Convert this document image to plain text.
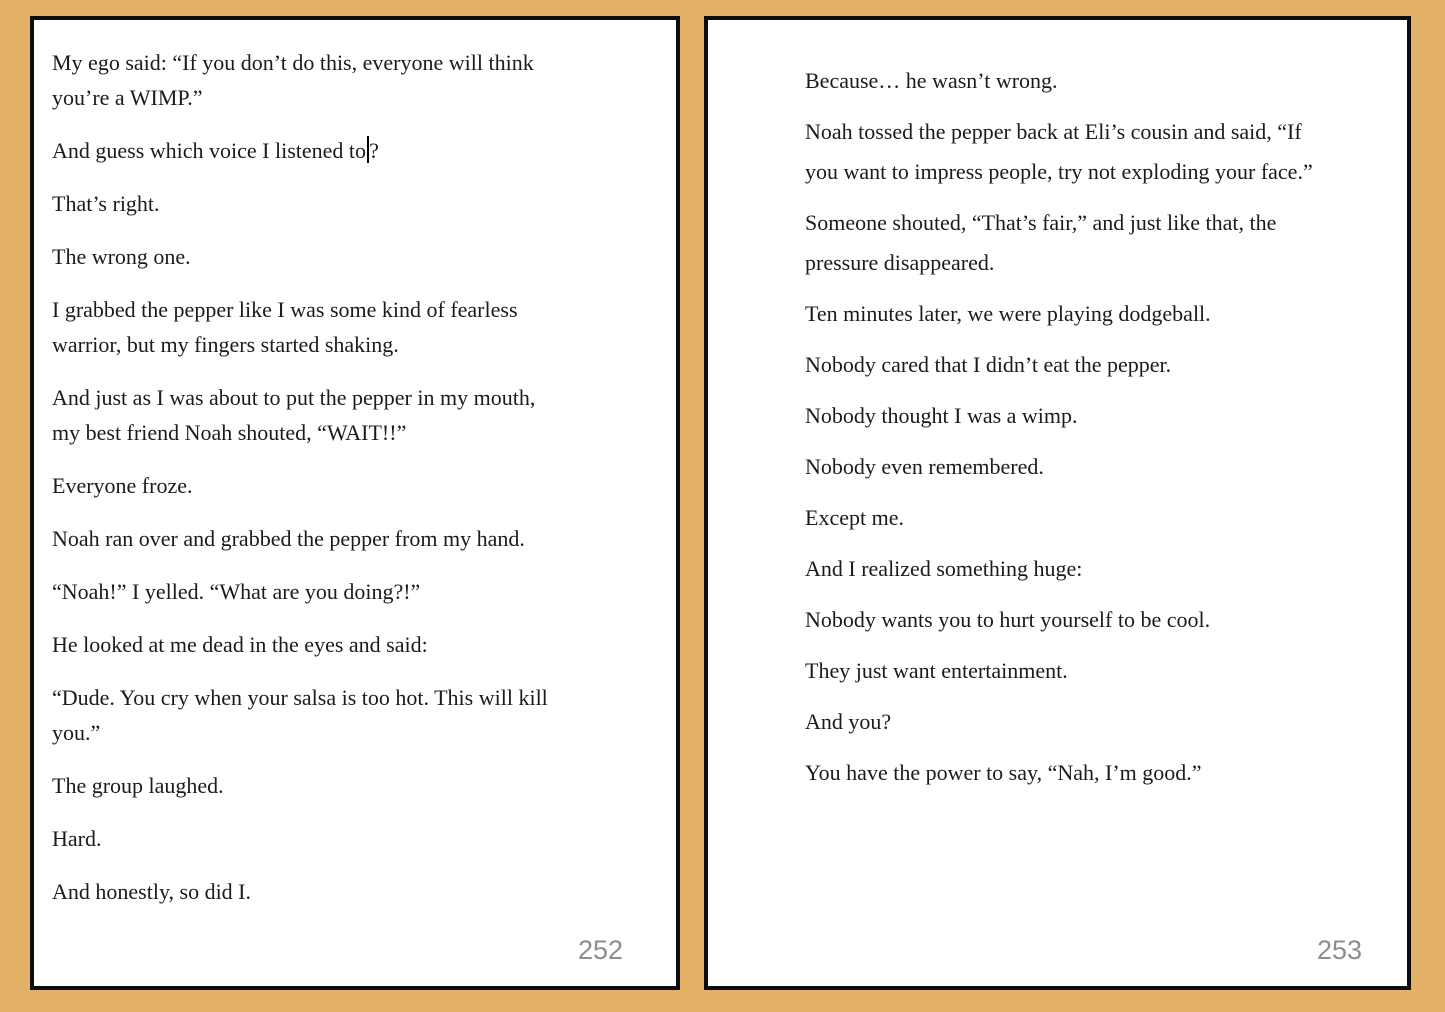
My ego said: “If you don’t do this, everyone will think
you’re a WIMP.”

And guess which voice I listened to ?

That’s right.

The wrong one.

I grabbed the pepper like I was some kind of fearless
warrior, but my fingers started shaking.

And just as I was about to put the pepper in my mouth,
my best friend Noah shouted, “WAIT!!”

Everyone froze.

Noah ran over and grabbed the pepper from my hand.

“Noah!” I yelled. “What are you doing?!”

He looked at me dead in the eyes and said:

“Dude. You cry when your salsa is too hot. This will kill
you.”

The group laughed.

Hard.

And honestly, so did I.

252

Because… he wasn’t wrong.

Noah tossed the pepper back at Eli’s cousin and said, “If
you want to impress people, try not exploding your face.”

Someone shouted, “That’s fair,” and just like that, the
pressure disappeared.

Ten minutes later, we were playing dodgeball.

Nobody cared that I didn’t eat the pepper.

Nobody thought I was a wimp.

Nobody even remembered.

Except me.

And I realized something huge:

Nobody wants you to hurt yourself to be cool.

They just want entertainment.

And you?

You have the power to say, “Nah, I’m good.”

253
